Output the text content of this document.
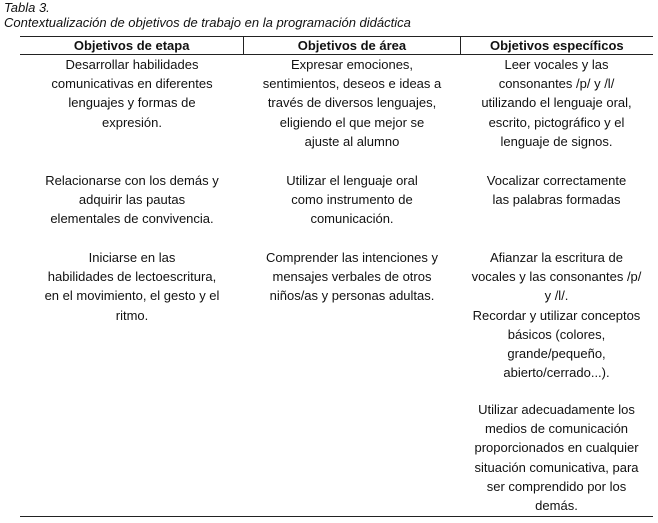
Tabla 3.
Contextualización de objetivos de trabajo en la programación didáctica
Objetivos de etapa	Objetivos de área	Objetivos específicos
Desarrollar habilidades
comunicativas en diferentes
lenguajes y formas de
expresión.
Expresar emociones,
sentimientos, deseos e ideas a
través de diversos lenguajes,
eligiendo el que mejor se
ajuste al alumno
Leer vocales y las
consonantes /p/ y /l/
utilizando el lenguaje oral,
escrito, pictográfico y el
lenguaje de signos.
Relacionarse con los demás y
adquirir las pautas
elementales de convivencia.
Utilizar el lenguaje oral
como instrumento de
comunicación.
Vocalizar correctamente
las palabras formadas
Iniciarse en las
habilidades de lectoescritura,
en el movimiento, el gesto y el
ritmo.
Comprender las intenciones y
mensajes verbales de otros
niños/as y personas adultas.
Afianzar la escritura de
vocales y las consonantes /p/
y /l/.
Recordar y utilizar conceptos
básicos (colores,
grande/pequeño,
abierto/cerrado...).
Utilizar adecuadamente los
medios de comunicación
proporcionados en cualquier
situación comunicativa, para
ser comprendido por los
demás.
